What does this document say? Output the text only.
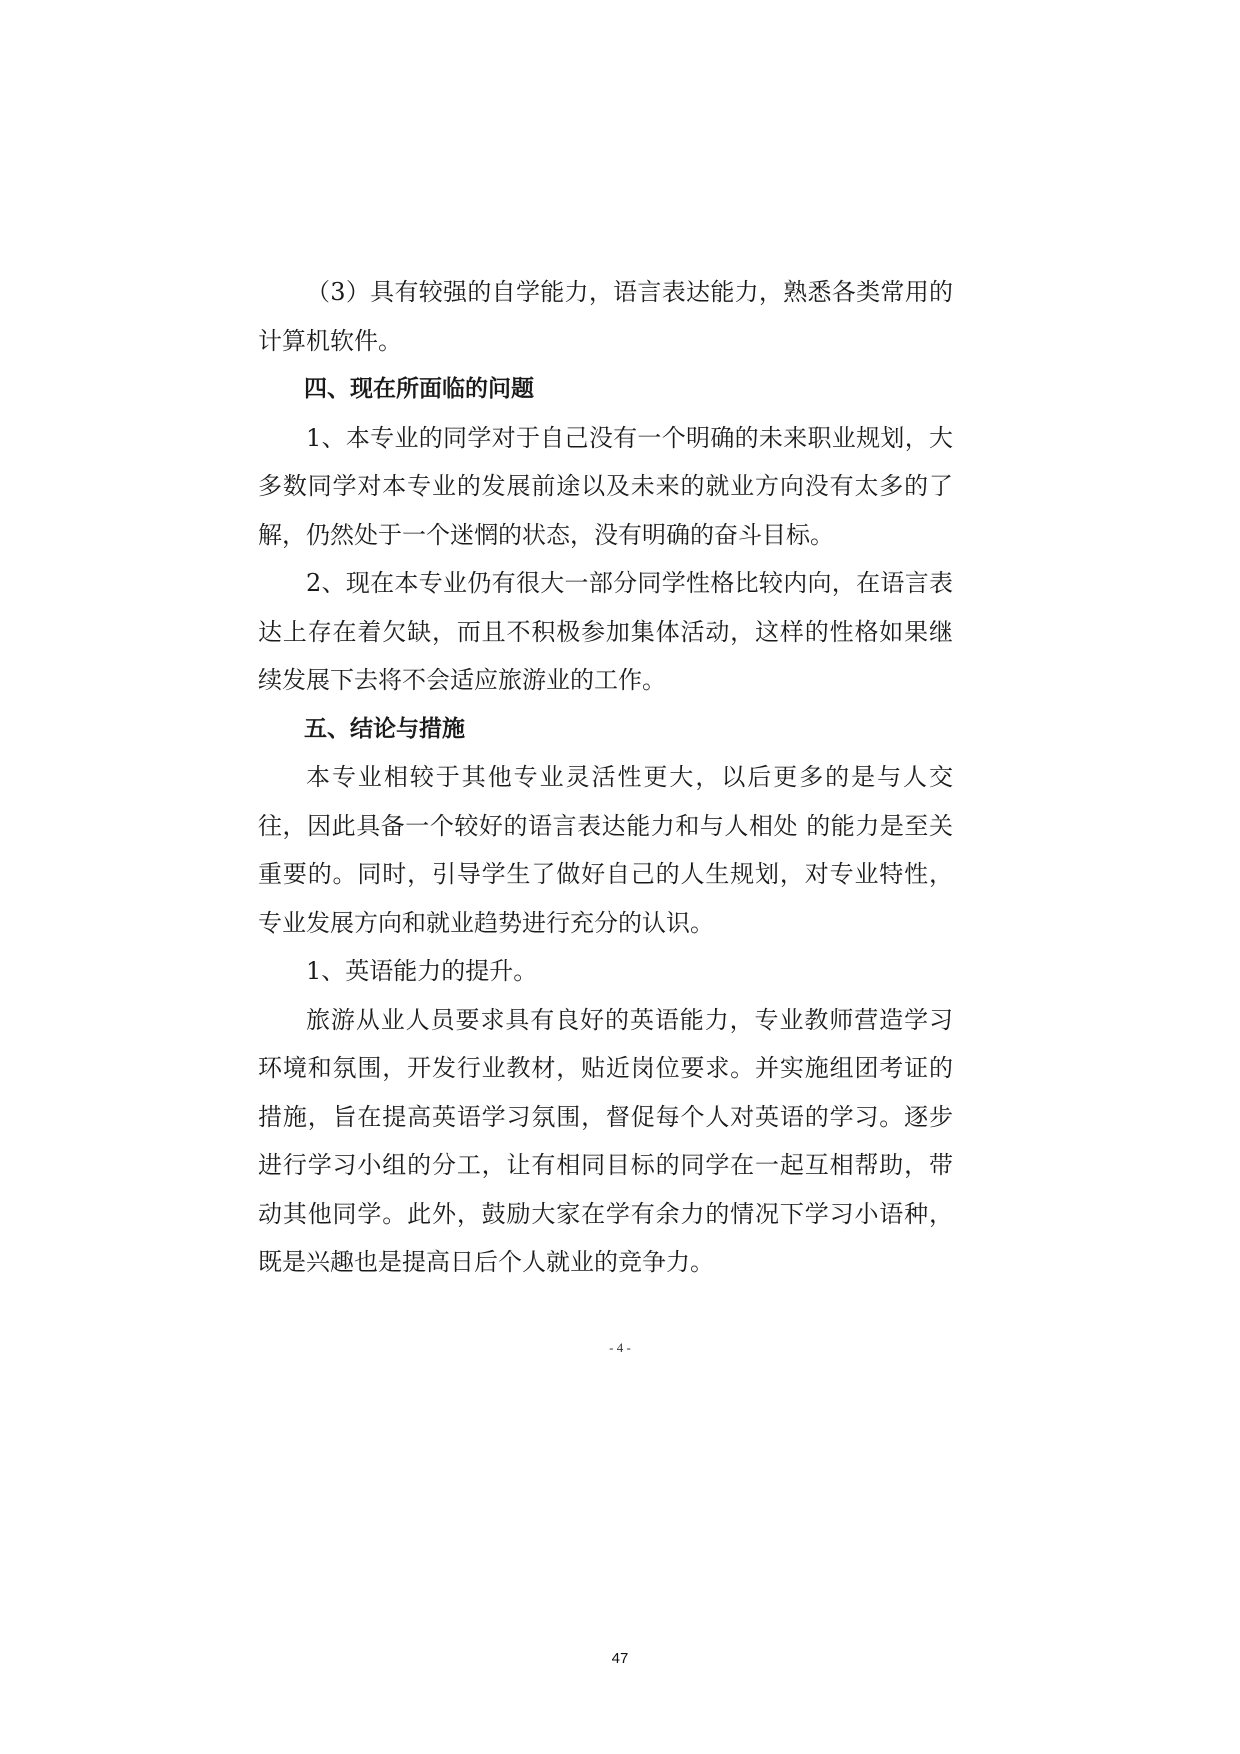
（3）具有较强的自学能力，语言表达能力，熟悉各类常用的计算机软件。

四、现在所面临的问题

1、本专业的同学对于自己没有一个明确的未来职业规划，大多数同学对本专业的发展前途以及未来的就业方向没有太多的了解，仍然处于一个迷惘的状态，没有明确的奋斗目标。

2、现在本专业仍有很大一部分同学性格比较内向，在语言表达上存在着欠缺，而且不积极参加集体活动，这样的性格如果继续发展下去将不会适应旅游业的工作。

五、结论与措施

本专业相较于其他专业灵活性更大，以后更多的是与人交往，因此具备一个较好的语言表达能力和与人相处 的能力是至关重要的。同时，引导学生了做好自己的人生规划，对专业特性，专业发展方向和就业趋势进行充分的认识。

1、英语能力的提升。

旅游从业人员要求具有良好的英语能力，专业教师营造学习环境和氛围，开发行业教材，贴近岗位要求。并实施组团考证的措施，旨在提高英语学习氛围，督促每个人对英语的学习。逐步进行学习小组的分工，让有相同目标的同学在一起互相帮助，带动其他同学。此外，鼓励大家在学有余力的情况下学习小语种，既是兴趣也是提高日后个人就业的竞争力。

- 4 -
47
